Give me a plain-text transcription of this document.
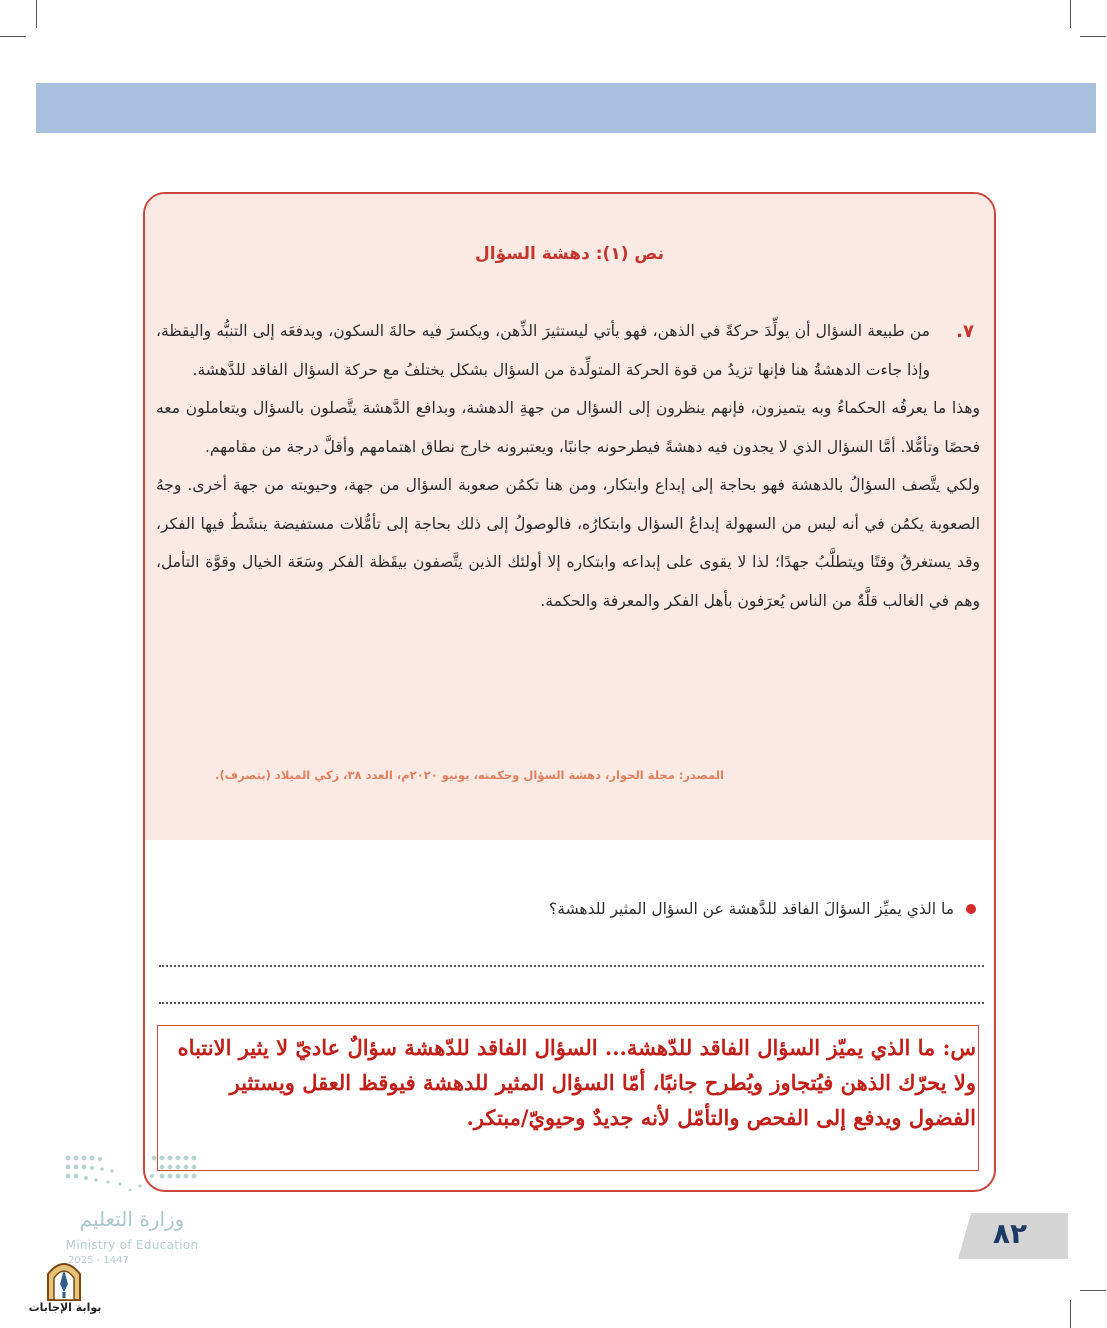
نص (١): دهشة السؤال
٧.

من طبيعة السؤال أن يولِّدَ حركةً في الذهن، فهو يأتي ليستثيرَ الذِّهن، ويكسرَ فيه حالةَ السكون، ويدفعَه إلى التنبُّه واليقظة، وإذا جاءت الدهشةُ هنا فإنها تزيدُ من قوة الحركة المتولِّدة من السؤال بشكل يختلفُ مع حركة السؤال الفاقد للدَّهشة.

وهذا ما يعرفُه الحكماءُ وبه يتميزون، فإنهم ينظرون إلى السؤال من جهةِ الدهشة، وبدافع الدَّهشة يتَّصلون بالسؤال ويتعاملون معه فحصًا وتأمُّلا. أمَّا السؤال الذي لا يجدون فيه دهشةً فيطرحونه جانبًا، ويعتبرونه خارج نطاق اهتمامهم وأقلَّ درجة من مقامهم.

ولكي يتَّصف السؤالُ بالدهشة فهو بحاجة إلى إبداع وابتكار، ومن هنا تكمُن صعوبة السؤال من جهة، وحيويته من جهة أخرى. وجهُ الصعوبة يكمُن في أنه ليس من السهولة إبداعُ السؤال وابتكارُه، فالوصولُ إلى ذلك بحاجة إلى تأمُّلات مستفيضة ينشَطُ فيها الفكر، وقد يستغرقُ وقتًا ويتطلَّبُ جهدًا؛ لذا لا يقوى على إبداعه وابتكاره إلا أولئك الذين يتَّصفون بيقَظة الفكر وسَعَة الخيال وقوَّة التأمل، وهم في الغالب قلَّةٌ من الناس يُعرَفون بأهل الفكر والمعرفة والحكمة.

المصدر: مجلة الحوار، دهشة السؤال وحكمته، يونيو ٢٠٢٠م، العدد ٣٨، زكي الميلاد (بتصرف).
ما الذي يميِّز السؤالَ الفاقد للدَّهشة عن السؤال المثير للدهشة؟
س: ما الذي يميّز السؤال الفاقد للدّهشة... السؤال الفاقد للدّهشة سؤالٌ عاديّ لا يثير الانتباه ولا يحرّك الذهن فيُتجاوز ويُطرح جانبًا، أمّا السؤال المثير للدهشة فيوقظ العقل ويستثير الفضول ويدفع إلى الفحص والتأمّل لأنه جديدٌ وحيويّ/مبتكر.
٨٢
وزارة التعليم
Ministry of Education
2025 - 1447
بوابة الإجابات
